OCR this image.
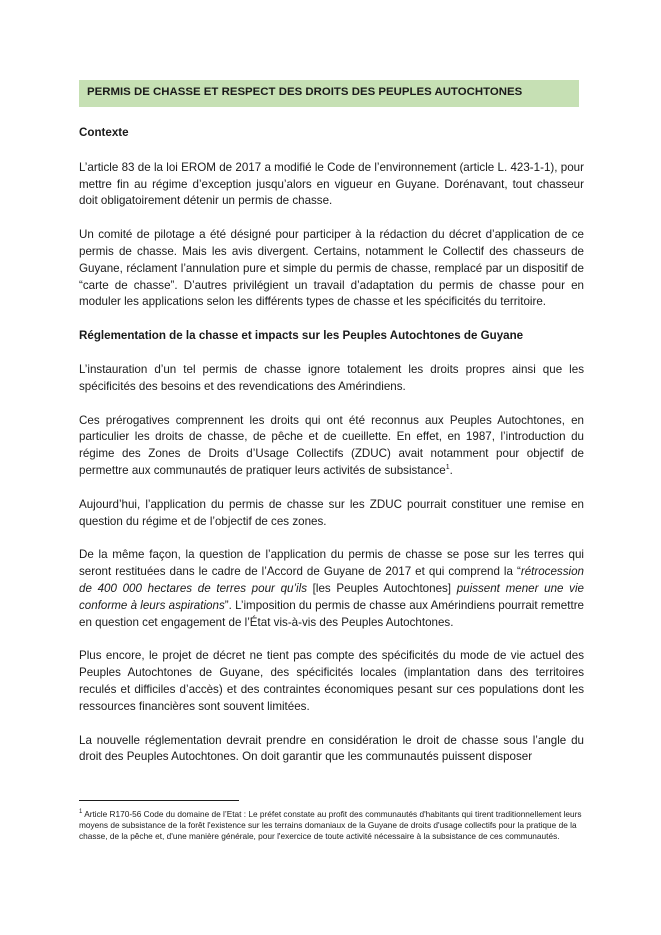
PERMIS DE CHASSE ET RESPECT DES DROITS DES PEUPLES AUTOCHTONES
Contexte

L’article 83 de la loi EROM de 2017 a modifié le Code de l’environnement (article L. 423-1-1), pour mettre fin au régime d’exception jusqu’alors en vigueur en Guyane. Dorénavant, tout chasseur doit obligatoirement détenir un permis de chasse.

Un comité de pilotage a été désigné pour participer à la rédaction du décret d’application de ce permis de chasse. Mais les avis divergent. Certains, notamment le Collectif des chasseurs de Guyane, réclament l’annulation pure et simple du permis de chasse, remplacé par un dispositif de “carte de chasse”. D’autres privilégient un travail d’adaptation du permis de chasse pour en moduler les applications selon les différents types de chasse et les spécificités du territoire.

Réglementation de la chasse et impacts sur les Peuples Autochtones de Guyane

L’instauration d’un tel permis de chasse ignore totalement les droits propres ainsi que les spécificités des besoins et des revendications des Amérindiens.

Ces prérogatives comprennent les droits qui ont été reconnus aux Peuples Autochtones, en particulier les droits de chasse, de pêche et de cueillette. En effet, en 1987, l’introduction du régime des Zones de Droits d’Usage Collectifs (ZDUC) avait notamment pour objectif de permettre aux communautés de pratiquer leurs activités de subsistance$^1$.

Aujourd’hui, l’application du permis de chasse sur les ZDUC pourrait constituer une remise en question du régime et de l’objectif de ces zones.

De la même façon, la question de l’application du permis de chasse se pose sur les terres qui seront restituées dans le cadre de l’Accord de Guyane de 2017 et qui comprend la “rétrocession de 400 000 hectares de terres pour qu’ils [les Peuples Autochtones] puissent mener une vie conforme à leurs aspirations”. L’imposition du permis de chasse aux Amérindiens pourrait remettre en question cet engagement de l’État vis-à-vis des Peuples Autochtones.

Plus encore, le projet de décret ne tient pas compte des spécificités du mode de vie actuel des Peuples Autochtones de Guyane, des spécificités locales (implantation dans des territoires reculés et difficiles d’accès) et des contraintes économiques pesant sur ces populations dont les ressources financières sont souvent limitées.

La nouvelle réglementation devrait prendre en considération le droit de chasse sous l’angle du droit des Peuples Autochtones. On doit garantir que les communautés puissent disposer

$^1$ Article R170-56 Code du domaine de l’Etat : Le préfet constate au profit des communautés d'habitants qui tirent traditionnellement leurs moyens de subsistance de la forêt l'existence sur les terrains domaniaux de la Guyane de droits d'usage collectifs pour la pratique de la chasse, de la pêche et, d'une manière générale, pour l'exercice de toute activité nécessaire à la subsistance de ces communautés.
